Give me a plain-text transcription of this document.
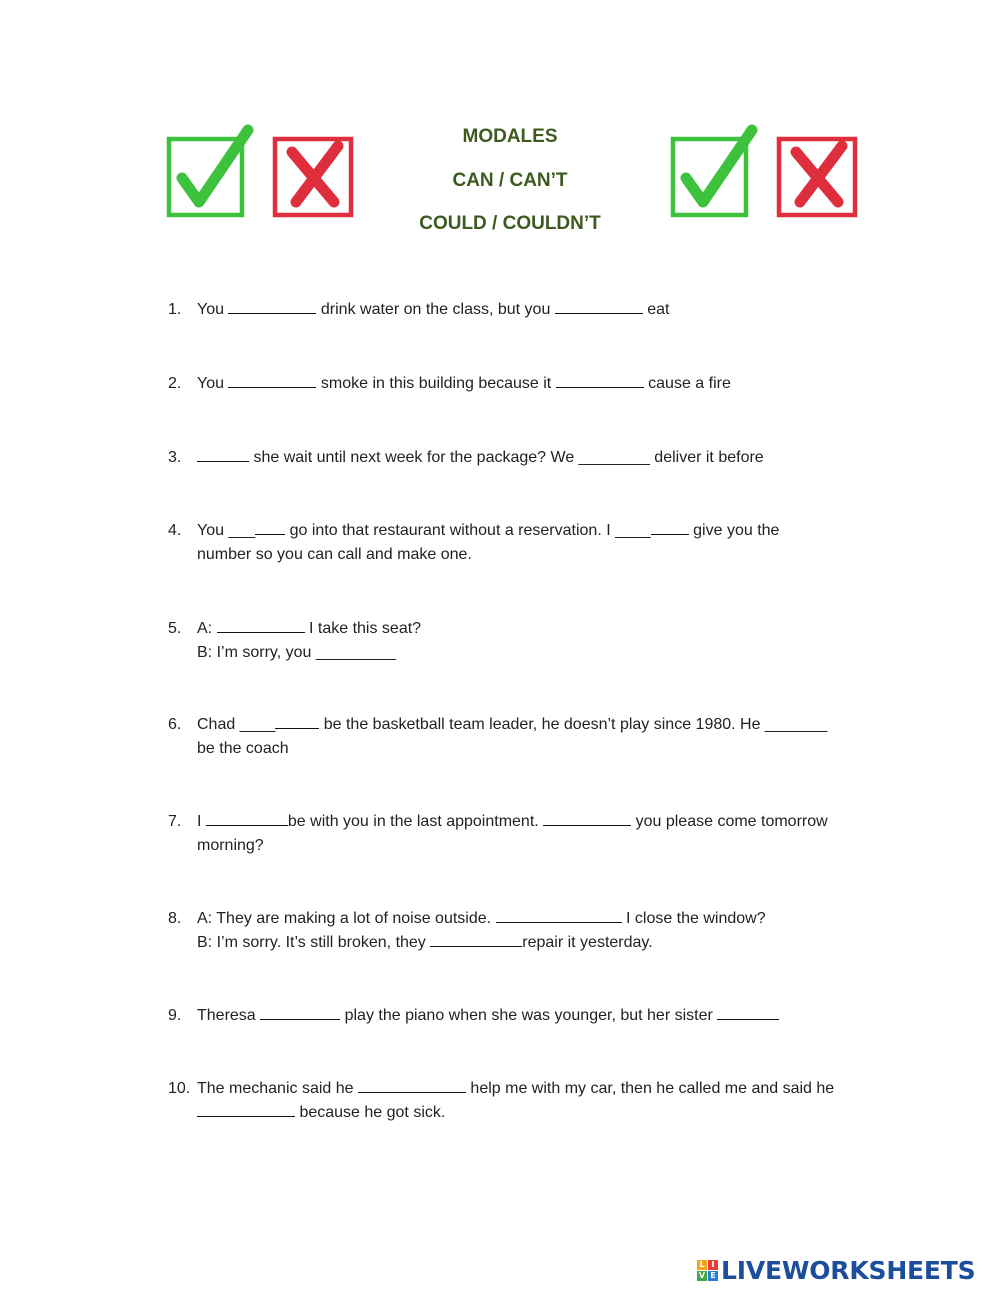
MODALES
CAN / CAN’T
COULD / COULDN’T
1. You	drink water on the class, but you	eat
2. You	smoke in this building because it	cause a fire
3.	she wait until next week for the package? We ________ deliver it before
4. You ___ go into that restaurant without a reservation. I ____ give you the
number so you can call and make one.
5. A:	I take this seat?
B: I’m sorry, you _________
6. Chad ____	be the basketball team leader, he doesn’t play since 1980. He _______
be the coach
7. I	be with you in the last appointment.	you please come tomorrow
morning?
8. A: They are making a lot of noise outside.	I close the window?
B: I’m sorry. It’s still broken, they	repair it yesterday.
9. Theresa	play the piano when she was younger, but her sister
10. The mechanic said he	help me with my car, then he called me and said he
because he got sick.
L I
V E LIVEWORKSHEETS
